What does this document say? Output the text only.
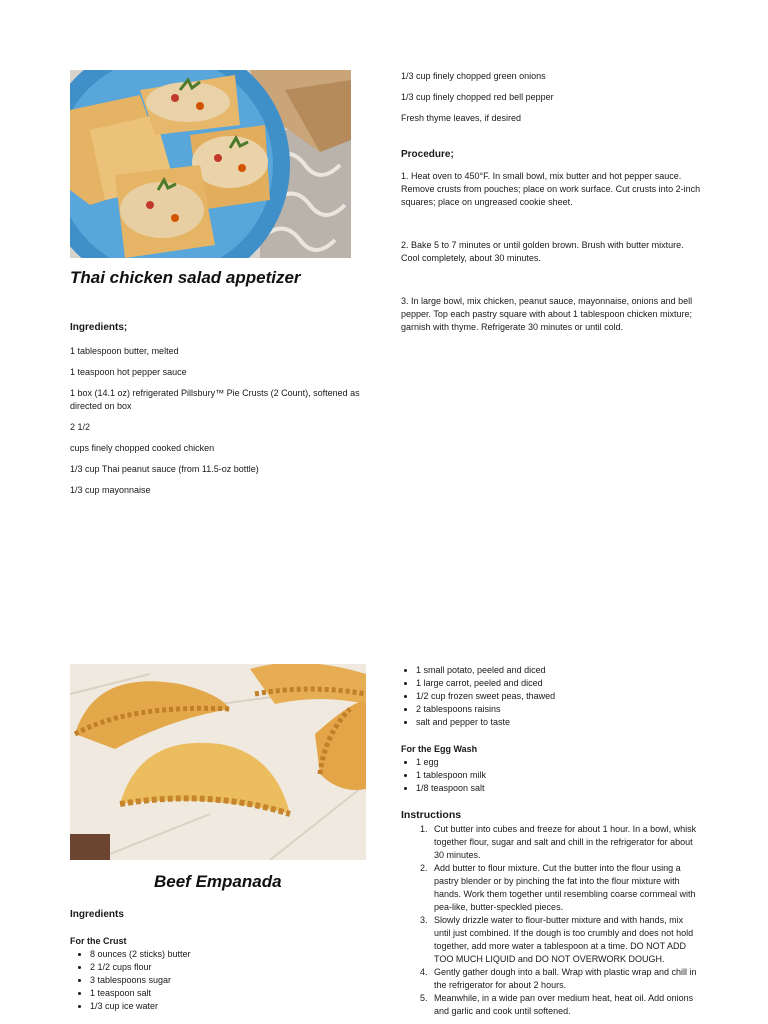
Thai chicken salad appetizer
Ingredients;
1 tablespoon butter, melted
1 teaspoon hot pepper sauce
1 box (14.1 oz) refrigerated Pillsbury™ Pie Crusts (2 Count), softened as directed on box
2 1/2
cups finely chopped cooked chicken
1/3 cup Thai peanut sauce (from 11.5-oz bottle)
1/3 cup mayonnaise
1/3 cup finely chopped green onions
1/3 cup finely chopped red bell pepper
Fresh thyme leaves, if desired
Procedure;
1. Heat oven to 450°F. In small bowl, mix butter and hot pepper sauce. Remove crusts from pouches; place on work surface. Cut crusts into 2-inch squares; place on ungreased cookie sheet.
2. Bake 5 to 7 minutes or until golden brown. Brush with butter mixture. Cool completely, about 30 minutes.
3. In large bowl, mix chicken, peanut sauce, mayonnaise, onions and bell pepper. Top each pastry square with about 1 tablespoon chicken mixture; garnish with thyme. Refrigerate 30 minutes or until cold.
Beef Empanada
Ingredients
For the Crust
• 8 ounces (2 sticks) butter
• 2 1/2 cups flour
• 3 tablespoons sugar
• 1 teaspoon salt
• 1/3 cup ice water
• 1 small potato, peeled and diced
• 1 large carrot, peeled and diced
• 1/2 cup frozen sweet peas, thawed
• 2 tablespoons raisins
• salt and pepper to taste
For the Egg Wash
• 1 egg
• 1 tablespoon milk
• 1/8 teaspoon salt
Instructions
1. Cut butter into cubes and freeze for about 1 hour. In a bowl, whisk together flour, sugar and salt and chill in the refrigerator for about 30 minutes.
2. Add butter to flour mixture. Cut the butter into the flour using a pastry blender or by pinching the fat into the flour mixture with hands. Work them together until resembling coarse cornmeal with pea-like, butter-speckled pieces.
3. Slowly drizzle water to flour-butter mixture and with hands, mix until just combined. If the dough is too crumbly and does not hold together, add more water a tablespoon at a time. DO NOT ADD TOO MUCH LIQUID and DO NOT OVERWORK DOUGH.
4. Gently gather dough into a ball. Wrap with plastic wrap and chill in the refrigerator for about 2 hours.
5. Meanwhile, in a wide pan over medium heat, heat oil. Add onions and garlic and cook until softened.
